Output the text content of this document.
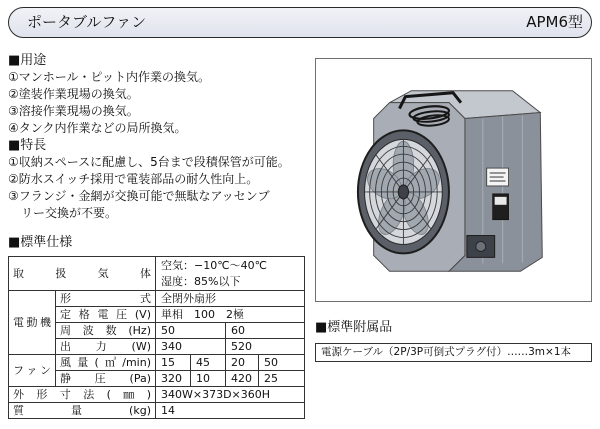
ポータブルファン	APM6型
■用途
①マンホール・ピット内作業の換気。
②塗装作業現場の換気。
③溶接作業現場の換気。
④タンク内作業などの局所換気。
■特長
①収納スペースに配慮し、5台まで段積保管が可能。
②防水スイッチ採用で電装部品の耐久性向上。
③フランジ・金網が交換可能で無駄なアッセンブ
リー交換が不要。
■標準仕様
取扱気体		空気：−10℃～40℃
湿度：85%以下			

電動機	形式	全閉外扇形			

	定格電圧(V)	単相　100　2極			

	周波数(Hz)	50		60	

	出力(W)	340		520	

ファン	風量(㎥/min)	15	45	20	50

	静圧(Pa)	320	10	420	25

外形寸法(㎜)		340W×373D×360H			

質量(kg)		14			
■標準附属品
電源ケーブル（2P/3P可倒式プラグ付）……3m×1本
